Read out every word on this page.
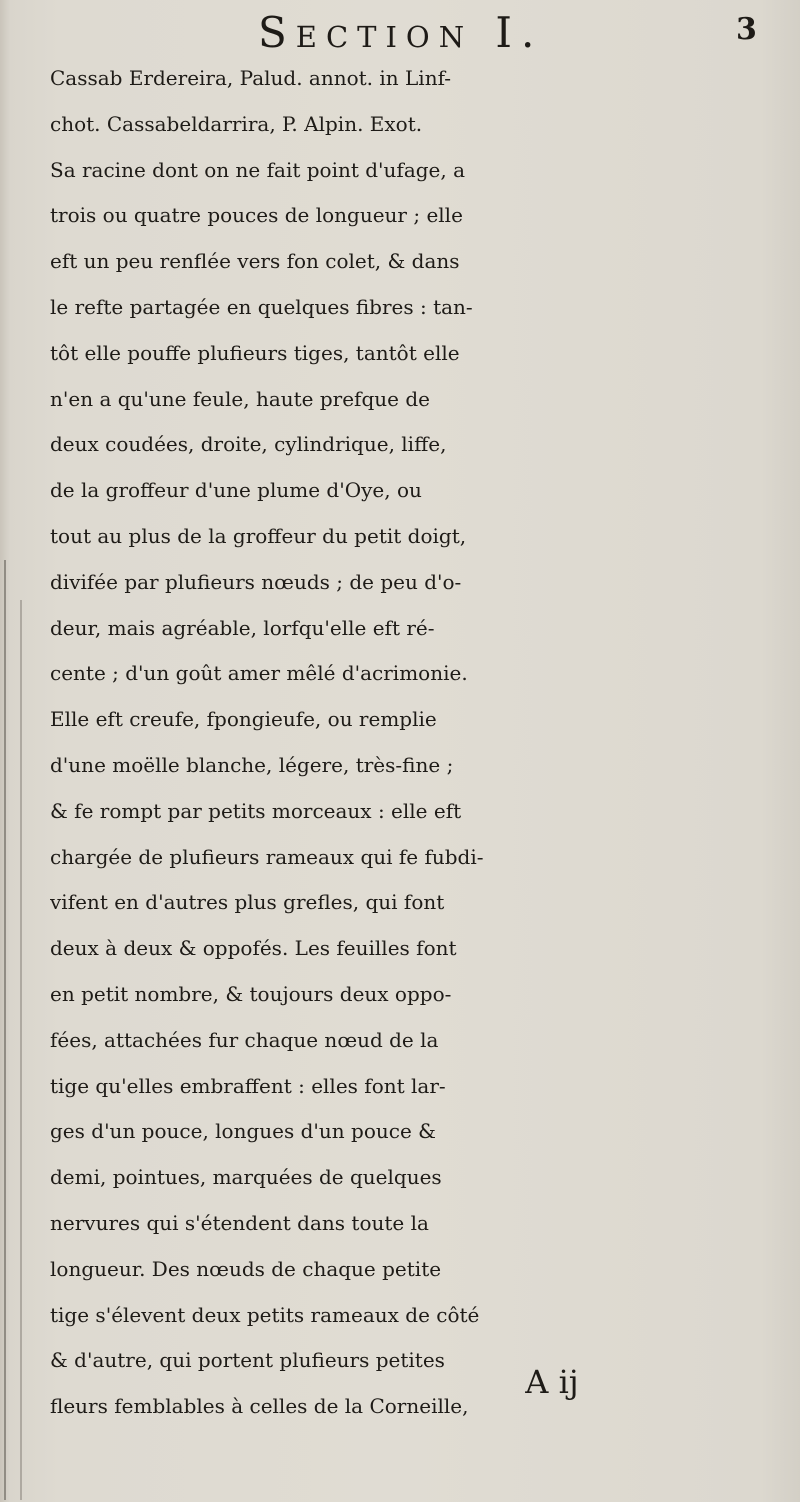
Section I.	3
Cassab Erdereira, Palud. annot. in Linf-
chot. Cassabeldarrira, P. Alpin. Exot.
Sa racine dont on ne fait point d'ufage, a
trois ou quatre pouces de longueur ; elle
eft un peu renflée vers fon colet, & dans
le refte partagée en quelques fibres : tan-
tôt elle pouffe plufieurs tiges, tantôt elle
n'en a qu'une feule, haute prefque de
deux coudées, droite, cylindrique, liffe,
de la groffeur d'une plume d'Oye, ou
tout au plus de la groffeur du petit doigt,
divifée par plufieurs nœuds ; de peu d'o-
deur, mais agréable, lorfqu'elle eft ré-
cente ; d'un goût amer mêlé d'acrimonie.
Elle eft creufe, fpongieufe, ou remplie
d'une moëlle blanche, légere, très-fine ;
& fe rompt par petits morceaux : elle eft
chargée de plufieurs rameaux qui fe fubdi-
vifent en d'autres plus grefles, qui font
deux à deux & oppofés. Les feuilles font
en petit nombre, & toujours deux oppo-
fées, attachées fur chaque nœud de la
tige qu'elles embraffent : elles font lar-
ges d'un pouce, longues d'un pouce &
demi, pointues, marquées de quelques
nervures qui s'étendent dans toute la
longueur. Des nœuds de chaque petite
tige s'élevent deux petits rameaux de côté
& d'autre, qui portent plufieurs petites
fleurs femblables à celles de la Corneille,
A ij
